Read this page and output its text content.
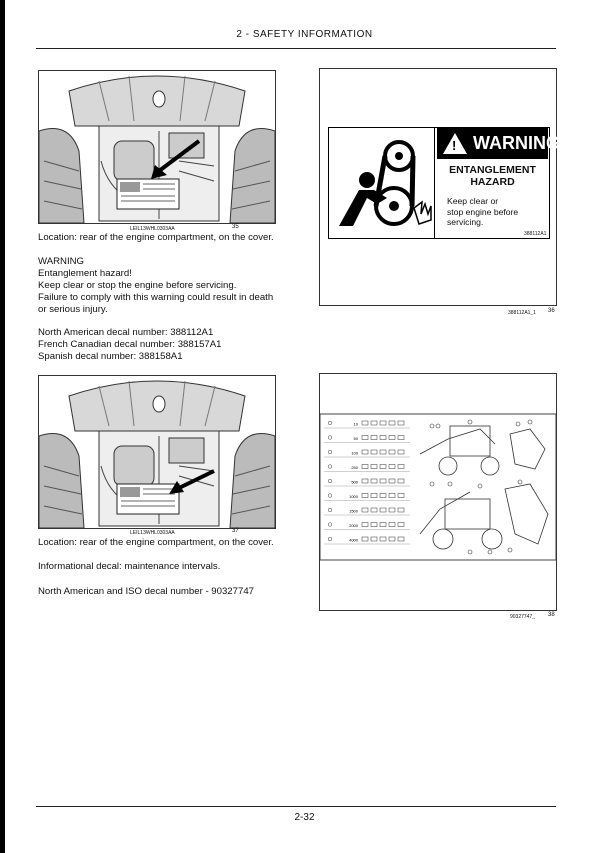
2 - SAFETY INFORMATION
LEIL13WHL0303AA	35
! WARNING
ENTANGLEMENT
HAZARD
Keep clear or
stop engine before
servicing.
388112A1
388112A1_1 36
Location: rear of the engine compartment, on the cover.
WARNING
Entanglement hazard!
Keep clear or stop the engine before servicing.
Failure to comply with this warning could result in death
or serious injury.
North American decal number: 388112A1
French Canadian decal number: 388157A1
Spanish decal number: 388158A1
LEIL13WHL0303AA	37
10
50
100
250
500
1000
1500
2000
4000
90327747_ 38
Location: rear of the engine compartment, on the cover.
Informational decal: maintenance intervals.
North American and ISO decal number - 90327747
2-32
